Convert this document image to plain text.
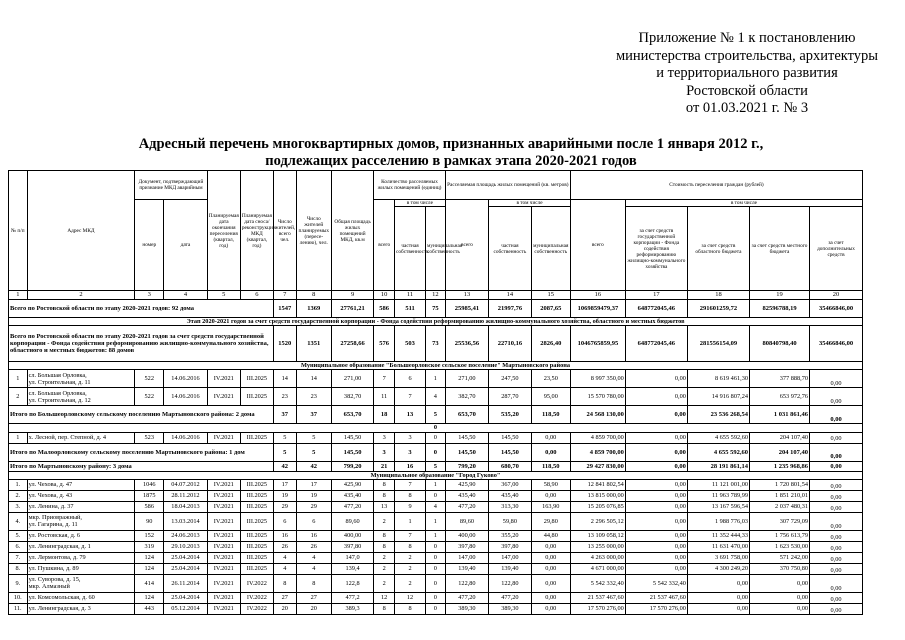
Приложение № 1 к постановлению
министерства строительства, архитектуры
и территориального развития
Ростовской области
от 01.03.2021 г. № 3
Адресный перечень многоквартирных домов, признанных аварийными после 1 января 2012 г.,
подлежащих расселению в рамках этапа 2020-2021 годов
№ п/п	Адрес МКД	Документ, подтверждающий признание МКД аварийным		Планируемая дата окончания переселения (квартал, год)	Планируемая дата сноса/реконструкции МКД (квартал, год)	Число жителей, всего чел.	Число жителей планируемых (пересе-лению), чел.	Общая площадь жилых помещений МКД, кв.м	Количество расселяемых жилых помещений (единиц)			Расселяемая площадь жилых помещений (кв. метров)			Стоимость переселения граждан (рублей)				
		номер	дата						всего	в том числе		всего	в том числе		всего	в том числе			
										частная собственность	муниципальная собственность		частная собственность	муниципальная собственность		за счет средств государственной корпорации - Фонда содействия реформированию жилищно-коммунального хозяйства	за счет средств областного бюджета	за счет средств местного бюджета	за счет дополнительных средств
1	2	3	4	5	6	7	8	9	10	11	12	13	14	15	16	17	18	19	20
Всего по Ростовской области по этапу 2020-2021 годов: 92 дома						1547	1369	27761,21	586	511	75	25985,41	21997,76	2087,65	1069859479,37	648772045,46	291601259,72	82596788,19	35466846,00
Этап 2020-2021 годов за счет средств государственной корпорации - Фонда содействия реформированию жилищно-коммунального хозяйства, областного и местных бюджетов																			
Всего по Ростовской области по этапу 2020-2021 годов за счет средств государственной корпорации - Фонда содействия реформированию жилищно-коммунального хозяйства, областного и местных бюджетов: 88 домов						1520	1351	27258,66	576	503	73	25536,56	22710,16	2826,40	1046765859,95	648772045,46	281556154,09	80840798,40	35466846,00
Муниципальное образование "Большеорловское сельское поселение" Мартыновского района																			
1	сл. Большая Орловка,
ул. Строительная, д. 11	522	14.06.2016	IV.2021	III.2025	14	14	271,00	7	6	1	271,00	247,50	23,50	8 997 350,00	0,00	8 619 461,30	377 888,70	0,00
2	сл. Большая Орловка,
ул. Строительная, д. 12	522	14.06.2016	IV.2021	III.2025	23	23	382,70	11	7	4	382,70	287,70	95,00	15 570 780,00	0,00	14 916 807,24	653 972,76	0,00
Итого по Большеорловскому сельскому поселению Мартыновского района: 2 дома						37	37	653,70	18	13	5	653,70	535,20	118,50	24 568 130,00	0,00	23 536 268,54	1 031 861,46	0,00
0																			
1	х. Лесной, пер. Степной, д. 4	523	14.06.2016	IV.2021	III.2025	5	5	145,50	3	3	0	145,50	145,50	0,00	4 859 700,00	0,00	4 655 592,60	204 107,40	0,00
Итого по Малоорловскому сельскому поселению Мартыновского района: 1 дом						5	5	145,50	3	3	0	145,50	145,50	0,00	4 859 700,00	0,00	4 655 592,60	204 107,40	0,00
Итого по Мартыновскому району: 3 дома						42	42	799,20	21	16	5	799,20	680,70	118,50	29 427 830,00	0,00	28 191 861,14	1 235 968,86	0,00
Муниципальное образование "Город Гуково"																			
1.	ул. Чехова, д. 47	1046	04.07.2012	IV.2021	III.2025	17	17	425,90	8	7	1	425,90	367,00	58,90	12 841 802,54	0,00	11 121 001,00	1 720 801,54	0,00
2.	ул. Чехова, д. 43	1875	28.11.2012	IV.2021	III.2025	19	19	435,40	8	8	0	435,40	435,40	0,00	13 815 000,00	0,00	11 963 789,99	1 851 210,01	0,00
3.	ул. Ленина, д. 37	586	18.04.2013	IV.2021	III.2025	29	29	477,20	13	9	4	477,20	313,30	163,90	15 205 076,85	0,00	13 167 596,54	2 037 480,31	0,00
4.	мкр. Приовражный,
ул. Гагарина, д. 11	90	13.03.2014	IV.2021	III.2025	6	6	89,60	2	1	1	89,60	59,80	29,80	2 296 505,12	0,00	1 988 776,03	307 729,09	0,00
5.	ул. Ростовская, д. 6	152	24.06.2013	IV.2021	III.2025	16	16	400,00	8	7	1	400,00	355,20	44,80	13 109 058,12	0,00	11 352 444,33	1 756 613,79	0,00
6.	ул. Ленинградская, д. 1	319	29.10.2013	IV.2021	III.2025	26	26	397,80	8	8	0	397,80	397,80	0,00	13 255 000,00	0,00	11 631 470,00	1 623 530,00	0,00
7.	ул. Лермонтова, д. 79	124	25.04.2014	IV.2021	III.2025	4	4	147,0	2	2	0	147,00	147,00	0,00	4 263 000,00	0,00	3 691 758,00	571 242,00	0,00
8.	ул. Пушкина, д. 89	124	25.04.2014	IV.2021	III.2025	4	4	139,4	2	2	0	139,40	139,40	0,00	4 671 000,00	0,00	4 300 249,20	370 750,80	0,00
9.	ул. Суворова, д. 15,
мкр. Алмазный	414	26.11.2014	IV.2021	IV.2022	8	8	122,8	2	2	0	122,80	122,80	0,00	5 542 332,40	5 542 332,40	0,00	0,00	0,00
10.	ул. Комсомольская, д. 60	124	25.04.2014	IV.2021	IV.2022	27	27	477,2	12	12	0	477,20	477,20	0,00	21 537 467,60	21 537 467,60	0,00	0,00	0,00
11.	ул. Ленинградская, д. 3	443	05.12.2014	IV.2021	IV.2022	20	20	389,3	8	8	0	389,30	389,30	0,00	17 570 276,00	17 570 276,00	0,00	0,00	0,00
